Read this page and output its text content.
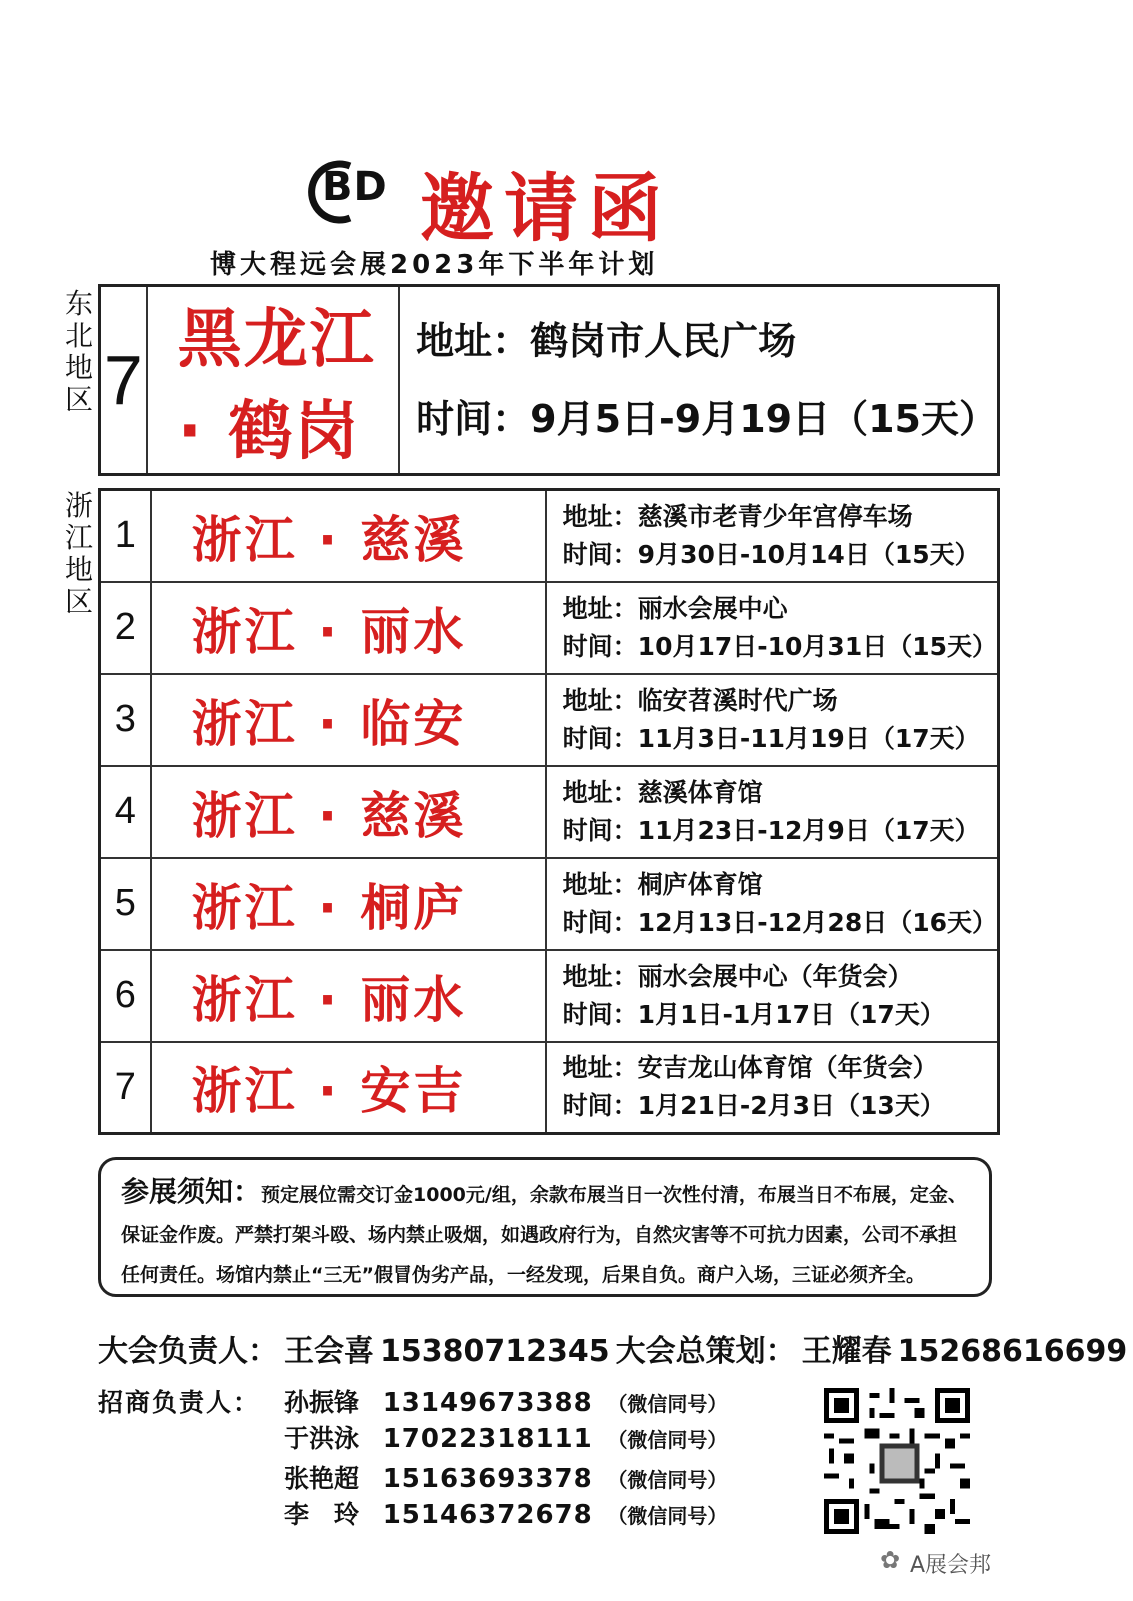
BD 邀请函
博大程远会展2023年下半年计划
东北地区 7	黑龙江 · 鹤岗	
地址：鹤岗市人民广场
时间：9月5日-9月19日（15天）
浙江地区
1	浙江 · 慈溪	地址：慈溪市老青少年宫停车场
时间：9月30日-10月14日（15天）

2	浙江 · 丽水	地址：丽水会展中心
时间：10月17日-10月31日（15天）

3	浙江 · 临安	地址：临安苕溪时代广场
时间：11月3日-11月19日（17天）

4	浙江 · 慈溪	地址：慈溪体育馆
时间：11月23日-12月9日（17天）

5	浙江 · 桐庐	地址：桐庐体育馆
时间：12月13日-12月28日（16天）

6	浙江 · 丽水	地址：丽水会展中心（年货会）
时间：1月1日-1月17日（17天）

7	浙江 · 安吉	地址：安吉龙山体育馆（年货会）
时间：1月21日-2月3日（13天）
参展须知：预定展位需交订金1000元/组，余款布展当日一次性付清，布展当日不布展，定金、保证金作废。严禁打架斗殴、场内禁止吸烟，如遇政府行为，自然灾害等不可抗力因素，公司不承担任何责任。场馆内禁止“三无”假冒伪劣产品，一经发现，后果自负。商户入场，三证必须齐全。
大会负责人： 王会喜 15380712345 大会总策划： 王耀春 15268616699
招商负责人： 孙振锋 13149673388 （微信同号）
于洪泳 17022318111 （微信同号）
张艳超 15163693378 （微信同号）
李　玲 15146372678 （微信同号）
✿ A展会邦
